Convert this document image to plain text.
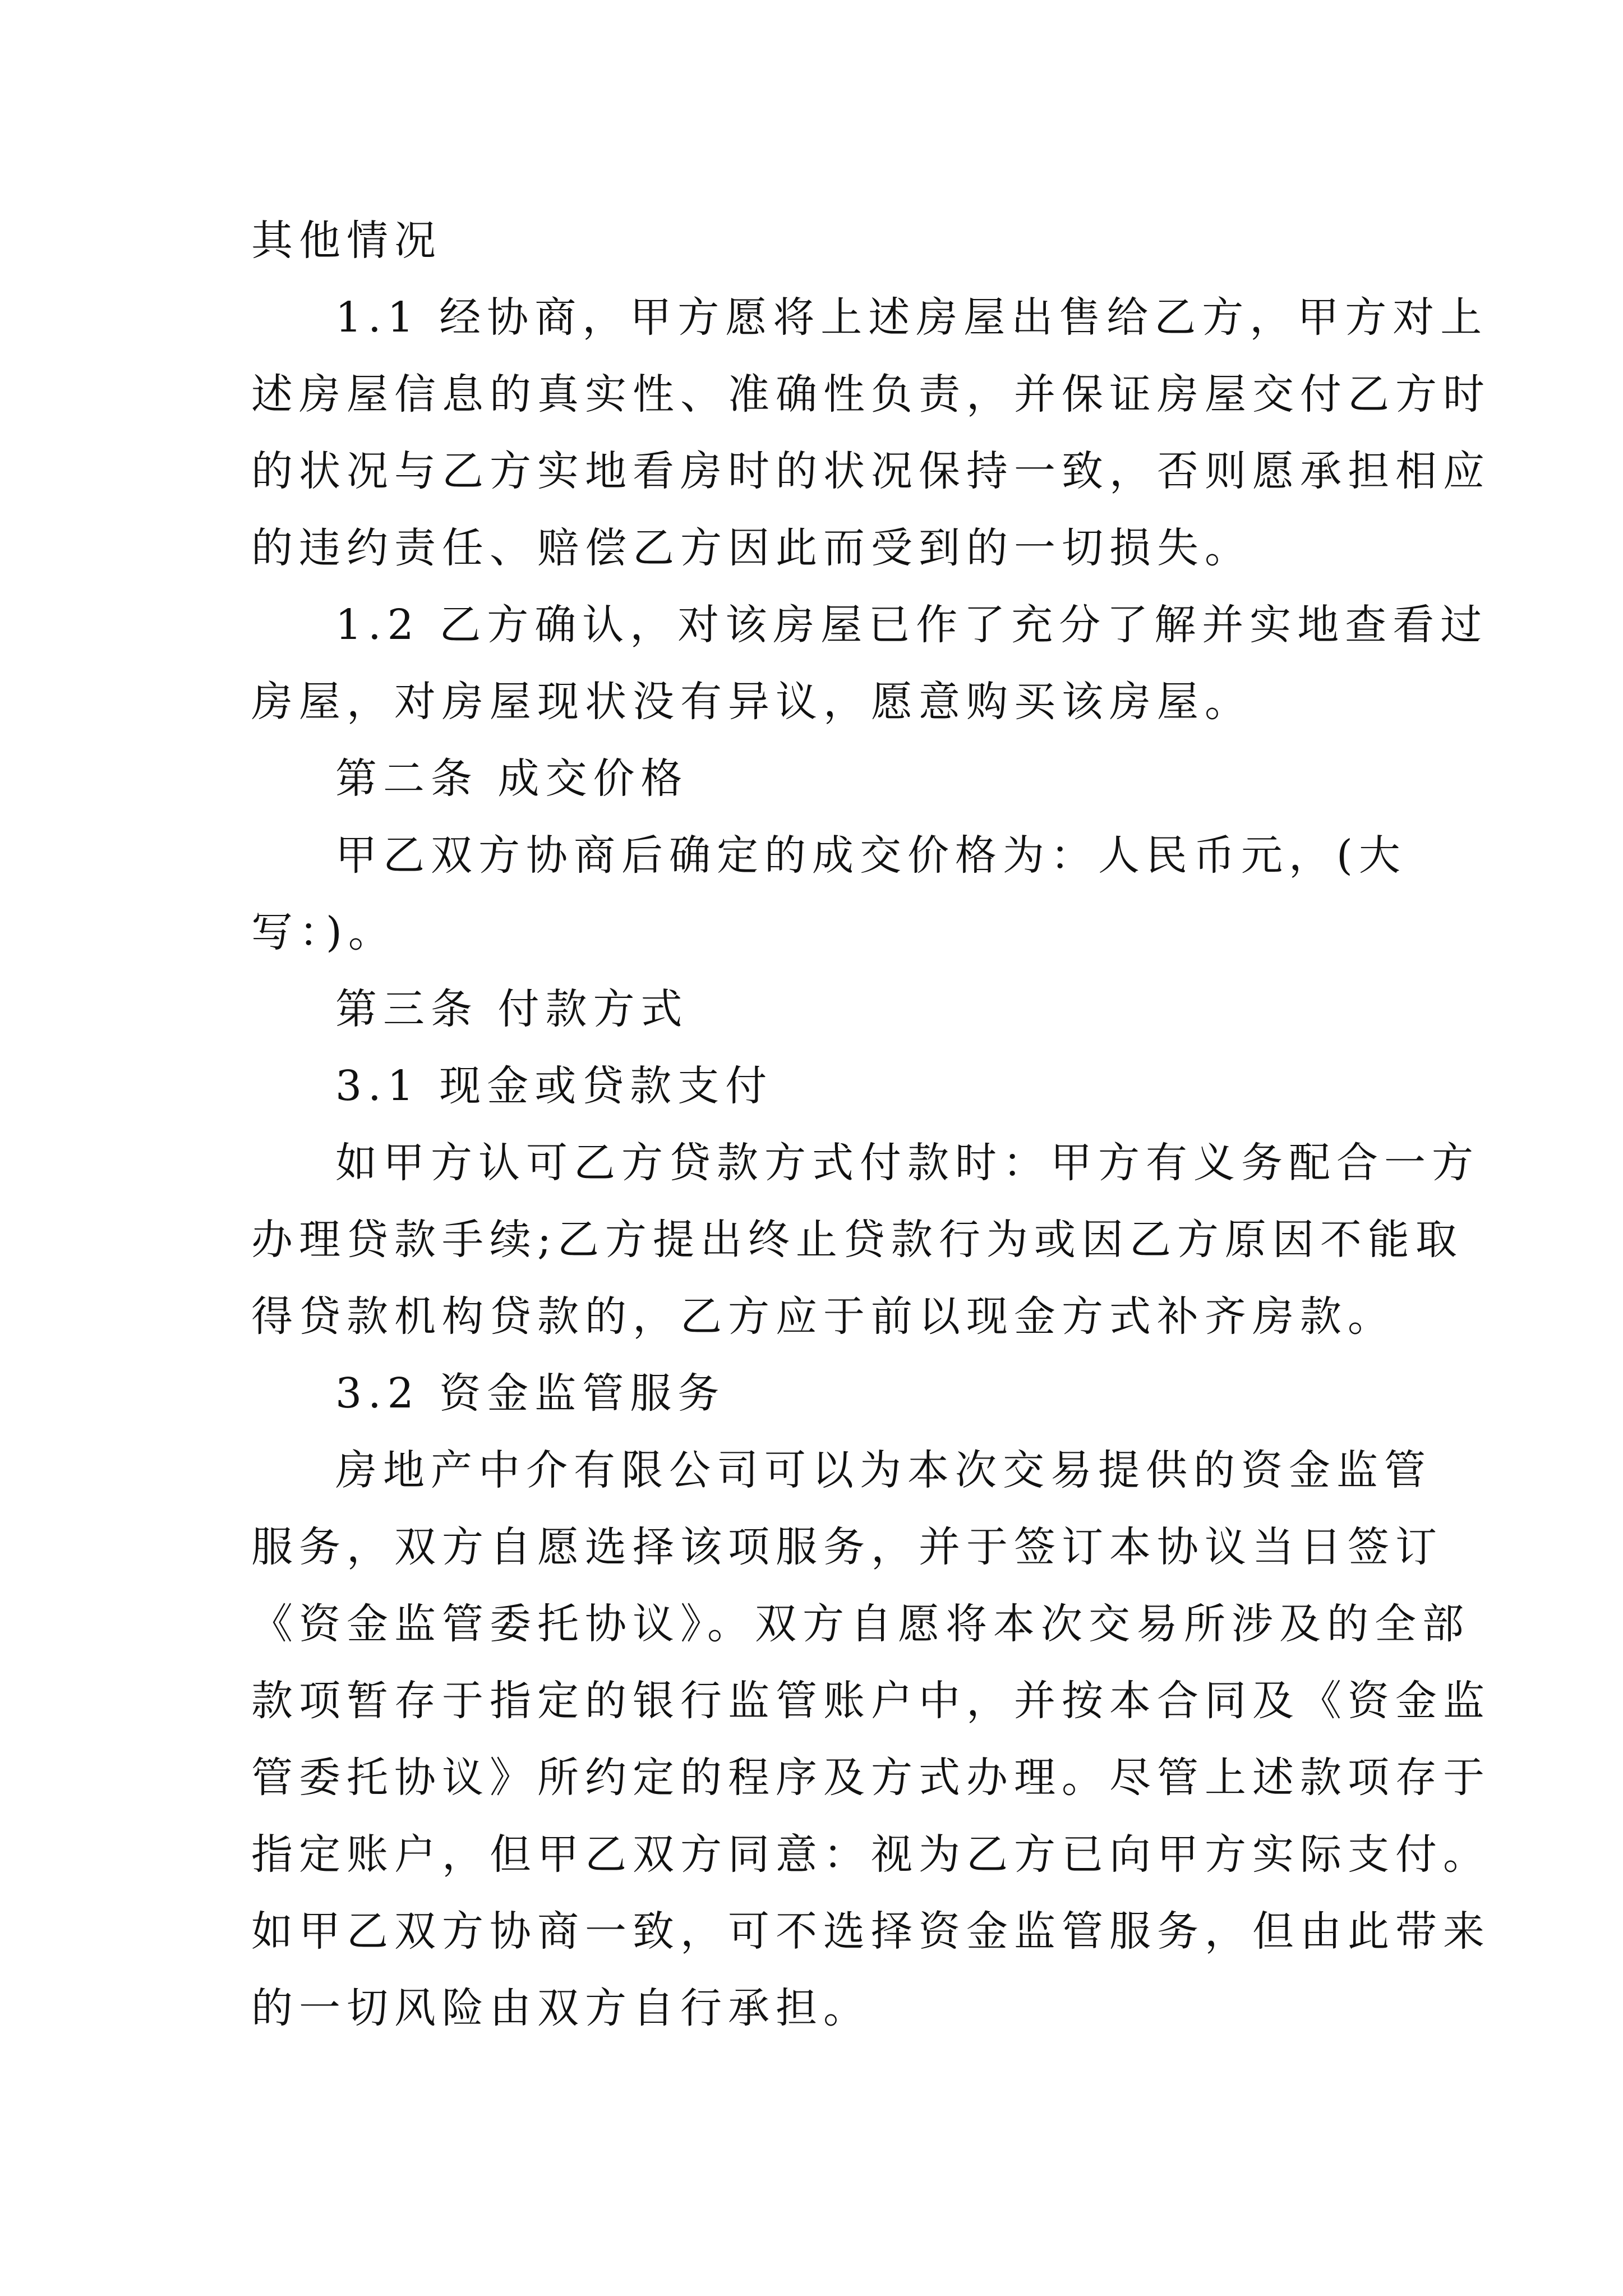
其他情况
1.1 经协商，甲方愿将上述房屋出售给乙方，甲方对上
述房屋信息的真实性、准确性负责，并保证房屋交付乙方时
的状况与乙方实地看房时的状况保持一致，否则愿承担相应
的违约责任、赔偿乙方因此而受到的一切损失。
1.2 乙方确认，对该房屋已作了充分了解并实地查看过
房屋，对房屋现状没有异议，愿意购买该房屋。
第二条 成交价格
甲乙双方协商后确定的成交价格为：人民币元，(大
写：)。
第三条 付款方式
3.1 现金或贷款支付
如甲方认可乙方贷款方式付款时：甲方有义务配合一方
办理贷款手续;乙方提出终止贷款行为或因乙方原因不能取
得贷款机构贷款的，乙方应于前以现金方式补齐房款。
3.2 资金监管服务
房地产中介有限公司可以为本次交易提供的资金监管
服务，双方自愿选择该项服务，并于签订本协议当日签订
《资金监管委托协议》。双方自愿将本次交易所涉及的全部
款项暂存于指定的银行监管账户中，并按本合同及《资金监
管委托协议》所约定的程序及方式办理。尽管上述款项存于
指定账户，但甲乙双方同意：视为乙方已向甲方实际支付。
如甲乙双方协商一致，可不选择资金监管服务，但由此带来
的一切风险由双方自行承担。
